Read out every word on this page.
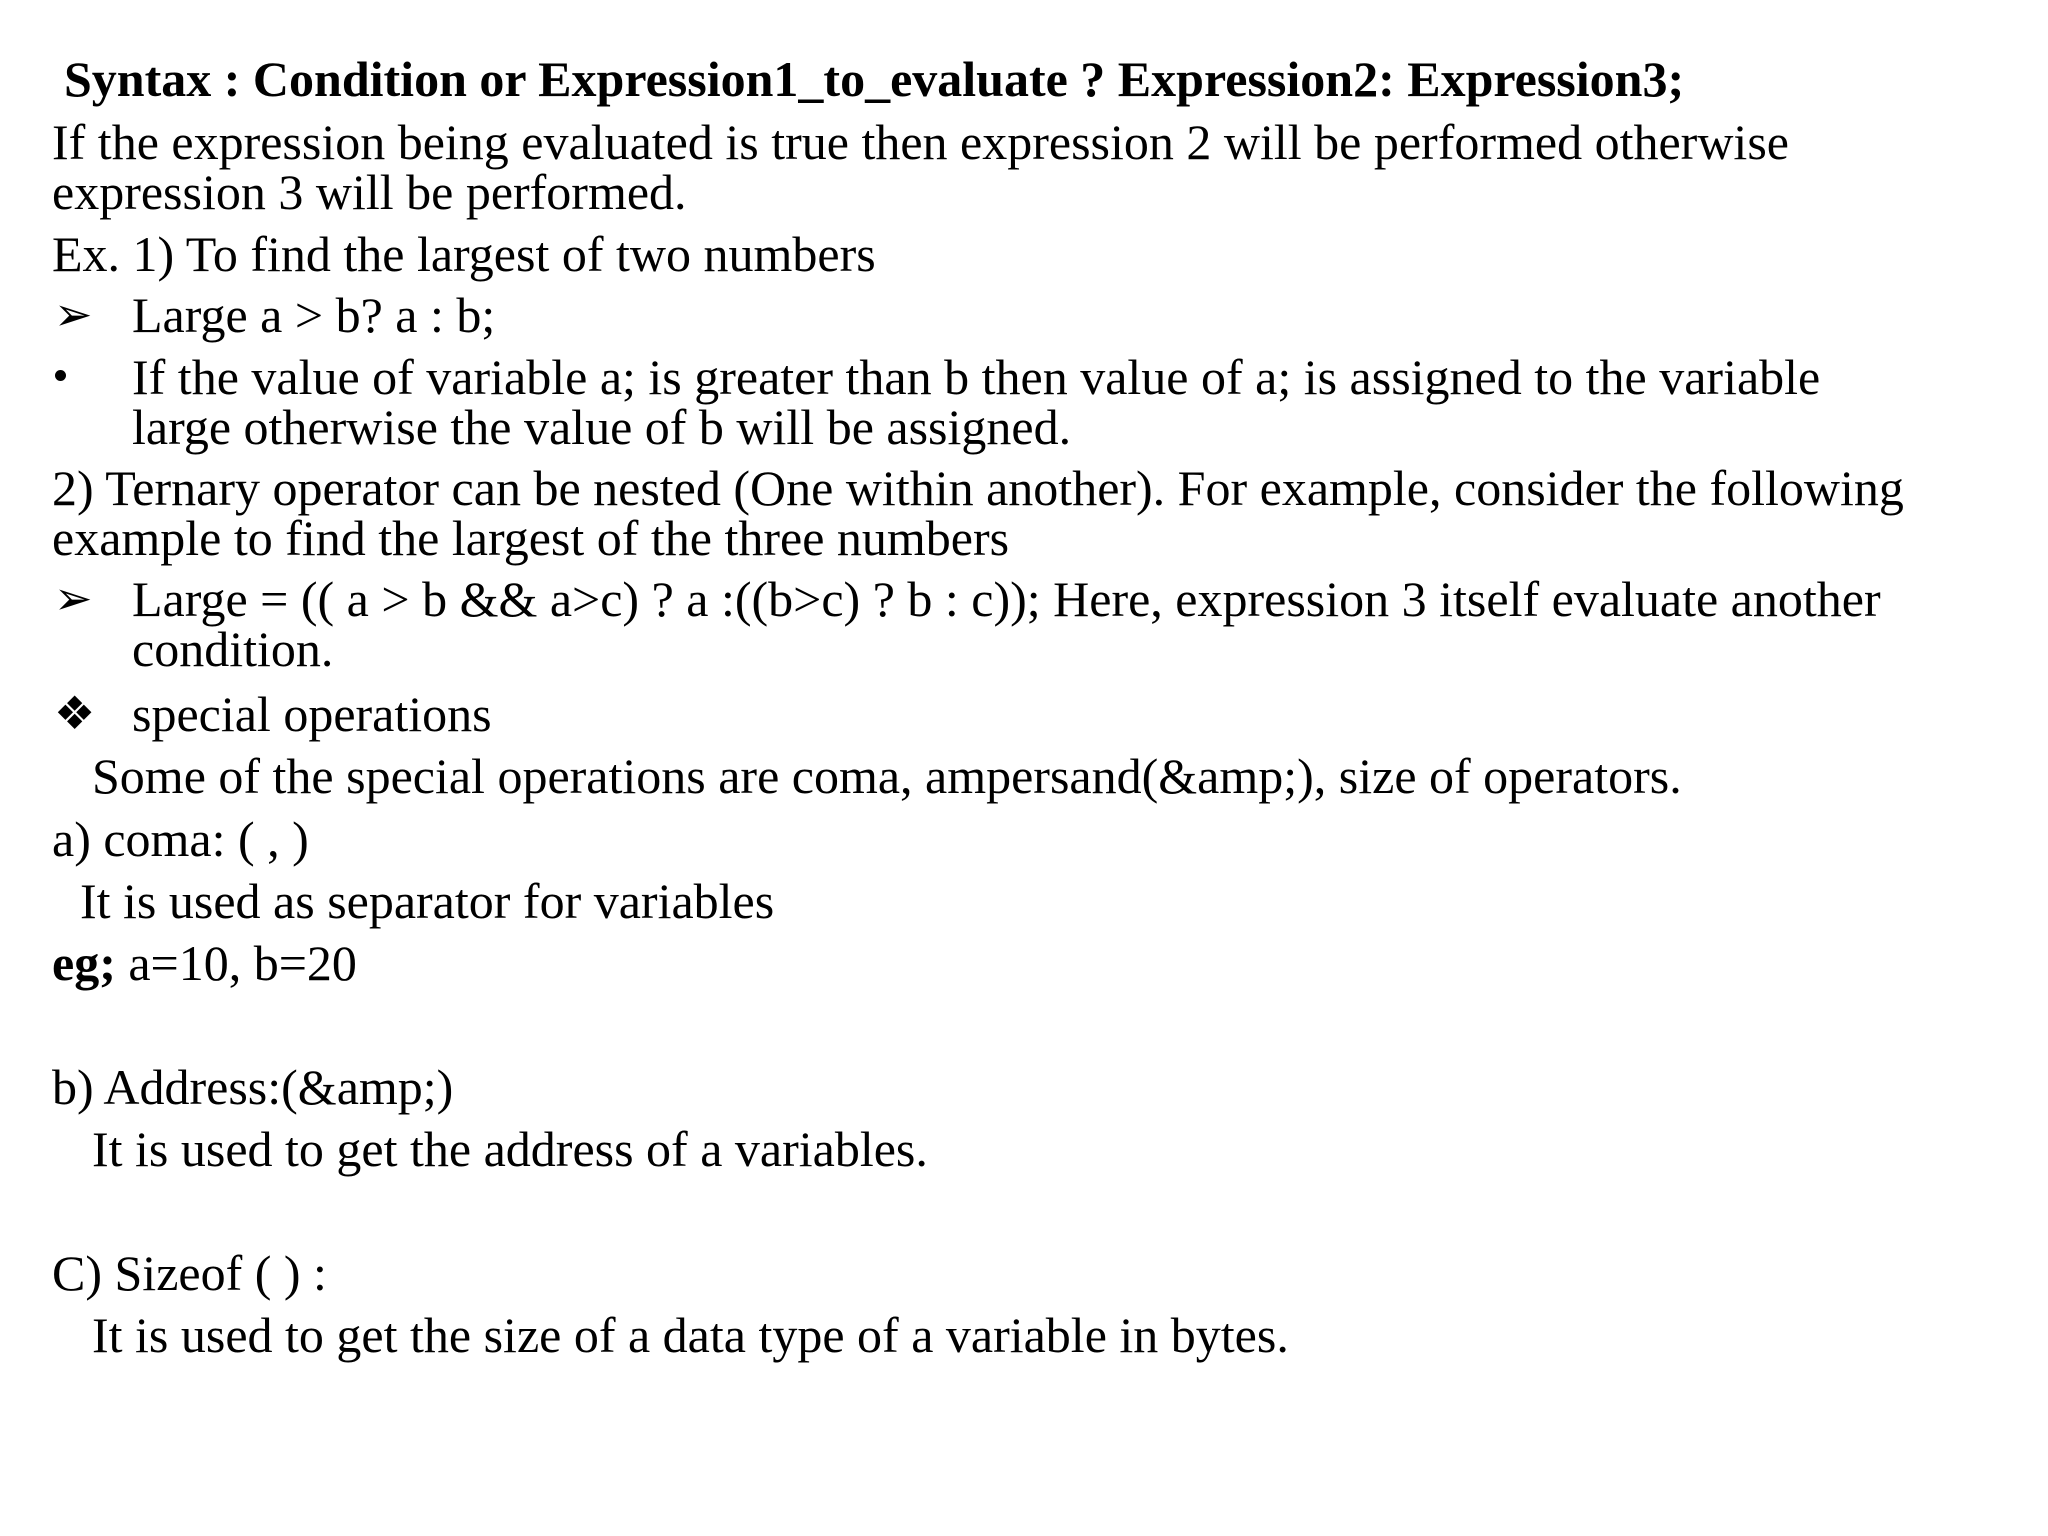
Syntax : Condition or Expression1_to_evaluate ? Expression2: Expression3;
If the expression being evaluated is true then expression 2 will be performed otherwise
expression 3 will be performed.
Ex. 1) To find the largest of two numbers
➢ Large a > b? a : b;
If the value of variable a; is greater than b then value of a; is assigned to the variable
large otherwise the value of b will be assigned.
2) Ternary operator can be nested (One within another). For example, consider the following
example to find the largest of the three numbers
➢ Large = (( a > b && a>c) ? a :((b>c) ? b : c)); Here, expression 3 itself evaluate another
condition.
❖ special operations
Some of the special operations are coma, ampersand(&amp;), size of operators.
a) coma: ( , )
It is used as separator for variables
eg; a=10, b=20
b) Address:(&amp;)
It is used to get the address of a variables.
C) Sizeof ( ) :
It is used to get the size of a data type of a variable in bytes.
